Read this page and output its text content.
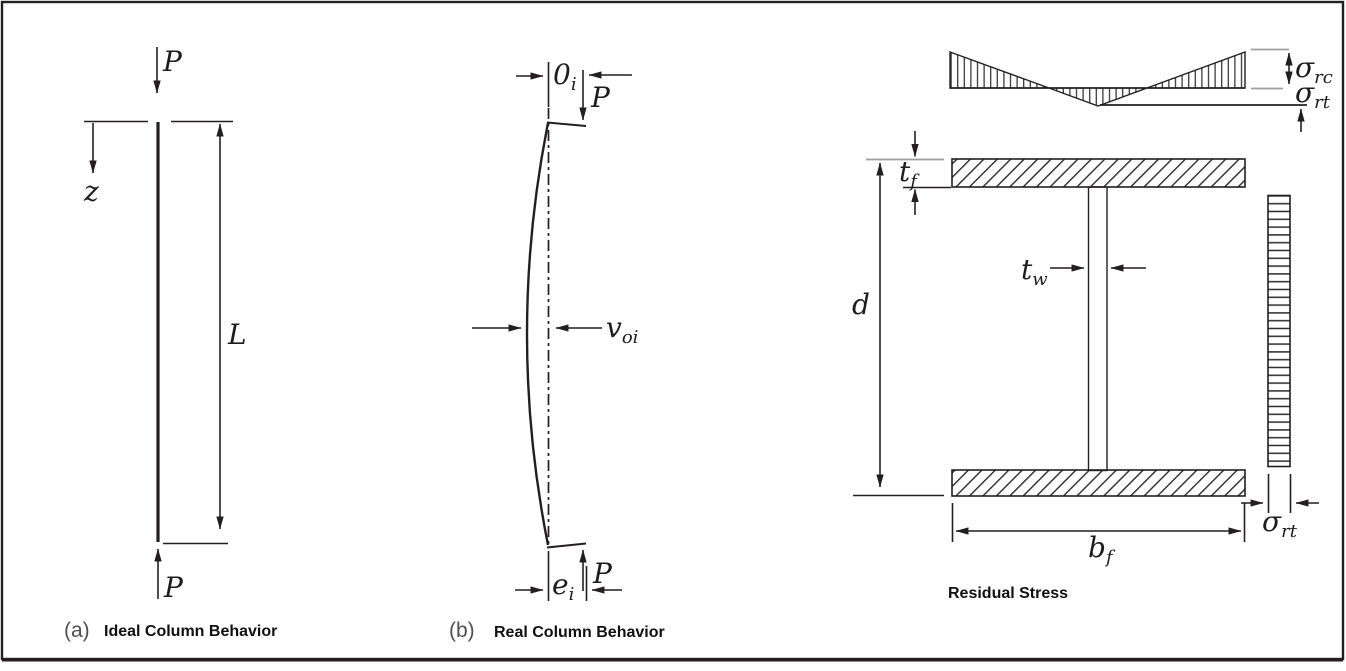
P
z
L
P
(a) Ideal Column Behavior
$0_i$ P
$v_{oi}$
$e_i$
P
(b) Real Column Behavior
$\sigma_{rc}$
$\sigma_{rt}$
$t_f$
d
$t_w$
$b_f$
$\sigma_{rt}$
Residual Stress
